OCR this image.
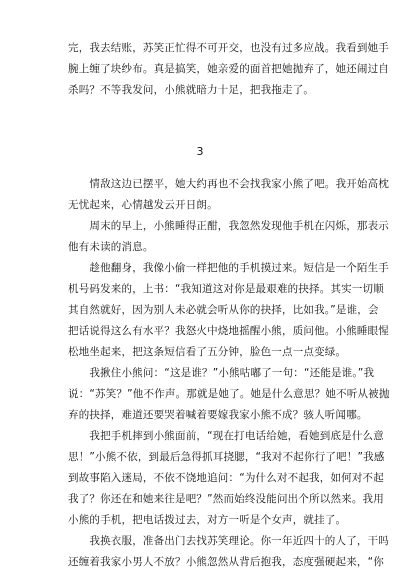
完，我去结账，苏笑正忙得不可开交，也没有过多应战。我看到她手
腕上缠了块纱布。真是搞笑，她亲爱的面首把她抛弃了，她还闹过自
杀吗？不等我发问，小熊就暗力十足，把我拖走了。
3
　　情敌这边已摆平，她大约再也不会找我家小熊了吧。我开始高枕
无忧起来，心情越发云开日朗。
　　周末的早上，小熊睡得正酣，我忽然发现他手机在闪烁，那表示
他有未读的消息。
　　趁他翻身，我像小偷一样把他的手机摸过来。短信是一个陌生手
机号码发来的，上书：“我知道这对你是最艰难的抉择。其实一切顺
其自然就好，因为别人未必就会听从你的抉择，比如我。”是谁，会
把话说得这么有水平？我怒火中烧地摇醒小熊，质问他。小熊睡眼惺
松地坐起来，把这条短信看了五分钟，脸色一点一点变绿。
　　我揪住小熊问：“这是谁？”小熊咕嘟了一句：“还能是谁。”我
说：“苏笑？”他不作声。那就是她了。她是什么意思？她不听从被抛
弃的抉择，难道还要哭着喊着要嫁我家小熊不成？骇人听闻哪。
　　我把手机摔到小熊面前，“现在打电话给她，看她到底是什么意
思！”小熊不依，到最后急得抓耳挠腮，“我对不起你行了吧！”我感
到故事陷入迷局，不依不饶地追问：“为什么对不起我，如何对不起
我了？你还在和她来往是吧？”然而始终没能问出个所以然来。我用
小熊的手机，把电话拨过去，对方一听是个女声，就挂了。
　　我换衣服，准备出门去找苏笑理论。你一年近四十的人了，干吗
还缠着我家小男人不放？小熊忽然从背后抱我，态度强硬起来，“你
